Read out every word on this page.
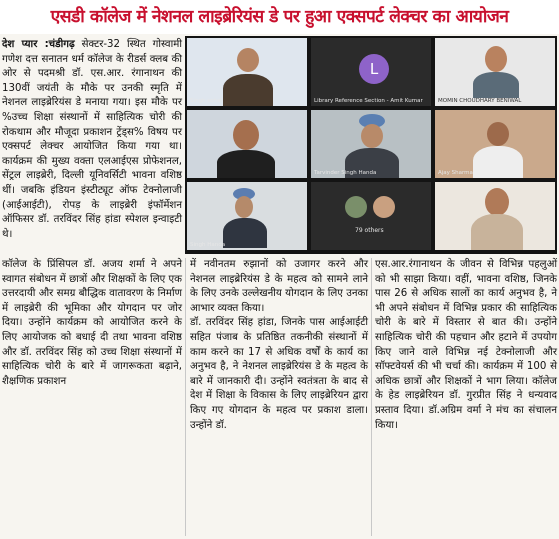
एसडी कॉलेज में नेशनल लाइब्रेरियंस डे पर हुआ एक्सपर्ट लेक्चर का आयोजन

देश प्यार :चंडीगढ़ सेक्टर-32 स्थित गोस्वामी गणेश दत्त सनातन धर्म कॉलेज के रीडर्स क्लब की ओर से पदमश्री डॉ. एस.आर. रंगानाथन की 130वीं जयंती के मौके पर उनकी स्मृति में नेशनल लाइब्रेरियंस डे मनाया गया। इस मौके पर %उच्च शिक्षा संस्थानों में साहित्यिक चोरी की रोकथाम और मौजूदा प्रकाशन ट्रेंड्स% विषय पर एक्सपर्ट लेक्चर आयोजित किया गया था। कार्यक्रम की मुख्य वक्ता एलआईएस प्रोफेशनल, सेंट्रल लाइब्रेरी, दिल्ली यूनिवर्सिटी भावना वशिष्ठ थीं। जबकि इंडियन इंस्टीट्यूट ऑफ टेक्नोलाजी (आईआईटी), रोपड़ के लाइब्रेरी इंफॉर्मेशन ऑफिसर डॉ. तरविंदर सिंह हांडा स्पेशल इन्वाइटी थे।

Singh sohal
L
Library Reference Section - Amit Kumar	MOMIN CHOUDHARY BENIWAL
Tarvinder Singh Handa	Ajay Sharma
Singh Handa
79 others

कॉलेज के प्रिंसिपल डॉ. अजय शर्मा ने अपने स्वागत संबोधन में छात्रों और शिक्षकों के लिए एक उत्तरदायी और समग्र बौद्धिक वातावरण के निर्माण में लाइब्रेरी की भूमिका और योगदान पर जोर दिया। उन्होंने कार्यक्रम को आयोजित करने के लिए आयोजक को बधाई दी तथा भावना वशिष्ठ और डॉ. तरविंदर सिंह को उच्च शिक्षा संस्थानों में साहित्यिक चोरी के बारे में जागरूकता बढ़ाने, शैक्षणिक प्रकाशन

में नवीनतम रुझानों को उजागर करने और नेशनल लाइब्रेरियंस डे के महत्व को सामने लाने के लिए उनके उल्लेखनीय योगदान के लिए उनका आभार व्यक्त किया।

डॉ. तरविंदर सिंह हांडा, जिनके पास आईआईटी सहित पंजाब के प्रतिष्ठित तकनीकी संस्थानों में काम करने का 17 से अधिक वर्षों के कार्य का अनुभव है, ने नेशनल लाइब्रेरियंस डे के महत्व के बारे में जानकारी दी। उन्होंने स्वतंत्रता के बाद से देश में शिक्षा के विकास के लिए लाइब्रेरियन द्वारा किए गए योगदान के महत्व पर प्रकाश डाला। उन्होंने डॉ.

एस.आर.रंगानाथन के जीवन से विभिन्न पहलुओं को भी साझा किया। वहीं, भावना वशिष्ठ, जिनके पास 26 से अधिक सालों का कार्य अनुभव है, ने भी अपने संबोधन में विभिन्न प्रकार की साहित्यिक चोरी के बारे में विस्तार से बात की। उन्होंने साहित्यिक चोरी की पहचान और हटाने में उपयोग किए जाने वाले विभिन्न नई टेक्नोलाजी और सॉफ्टवेयर्स की भी चर्चा की। कार्यक्रम में 100 से अधिक छात्रों और शिक्षकों ने भाग लिया। कॉलेज के हेड लाइब्रेरियन डॉ. गुरप्रीत सिंह ने धन्यवाद प्रस्ताव दिया। डॉ.अग्रिम वर्मा ने मंच का संचालन किया।
